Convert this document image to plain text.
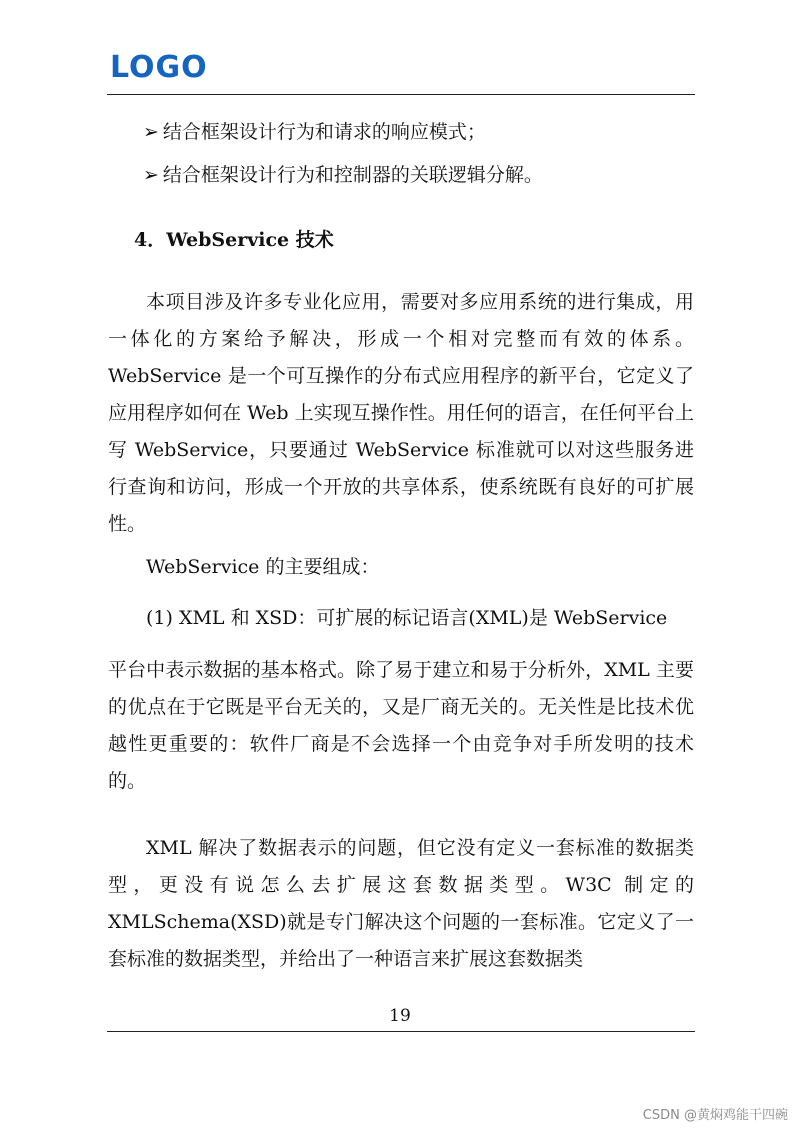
LOGO
➢ 结合框架设计行为和请求的响应模式；
➢ 结合框架设计行为和控制器的关联逻辑分解。
4．WebService 技术
本项目涉及许多专业化应用，需要对多应用系统的进行集成，用一体化的方案给予解决，形成一个相对完整而有效的体系。WebService 是一个可互操作的分布式应用程序的新平台，它定义了应用程序如何在 Web 上实现互操作性。用任何的语言，在任何平台上写 WebService，只要通过 WebService 标准就可以对这些服务进行查询和访问，形成一个开放的共享体系，使系统既有良好的可扩展性。
WebService 的主要组成：
(1) XML 和 XSD：可扩展的标记语言(XML)是 WebService
平台中表示数据的基本格式。除了易于建立和易于分析外，XML 主要的优点在于它既是平台无关的，又是厂商无关的。无关性是比技术优越性更重要的：软件厂商是不会选择一个由竞争对手所发明的技术的。
XML 解决了数据表示的问题，但它没有定义一套标准的数据类型，更没有说怎么去扩展这套数据类型。W3C 制定的 XMLSchema(XSD)就是专门解决这个问题的一套标准。它定义了一套标准的数据类型，并给出了一种语言来扩展这套数据类
19
CSDN @黄焖鸡能干四碗
